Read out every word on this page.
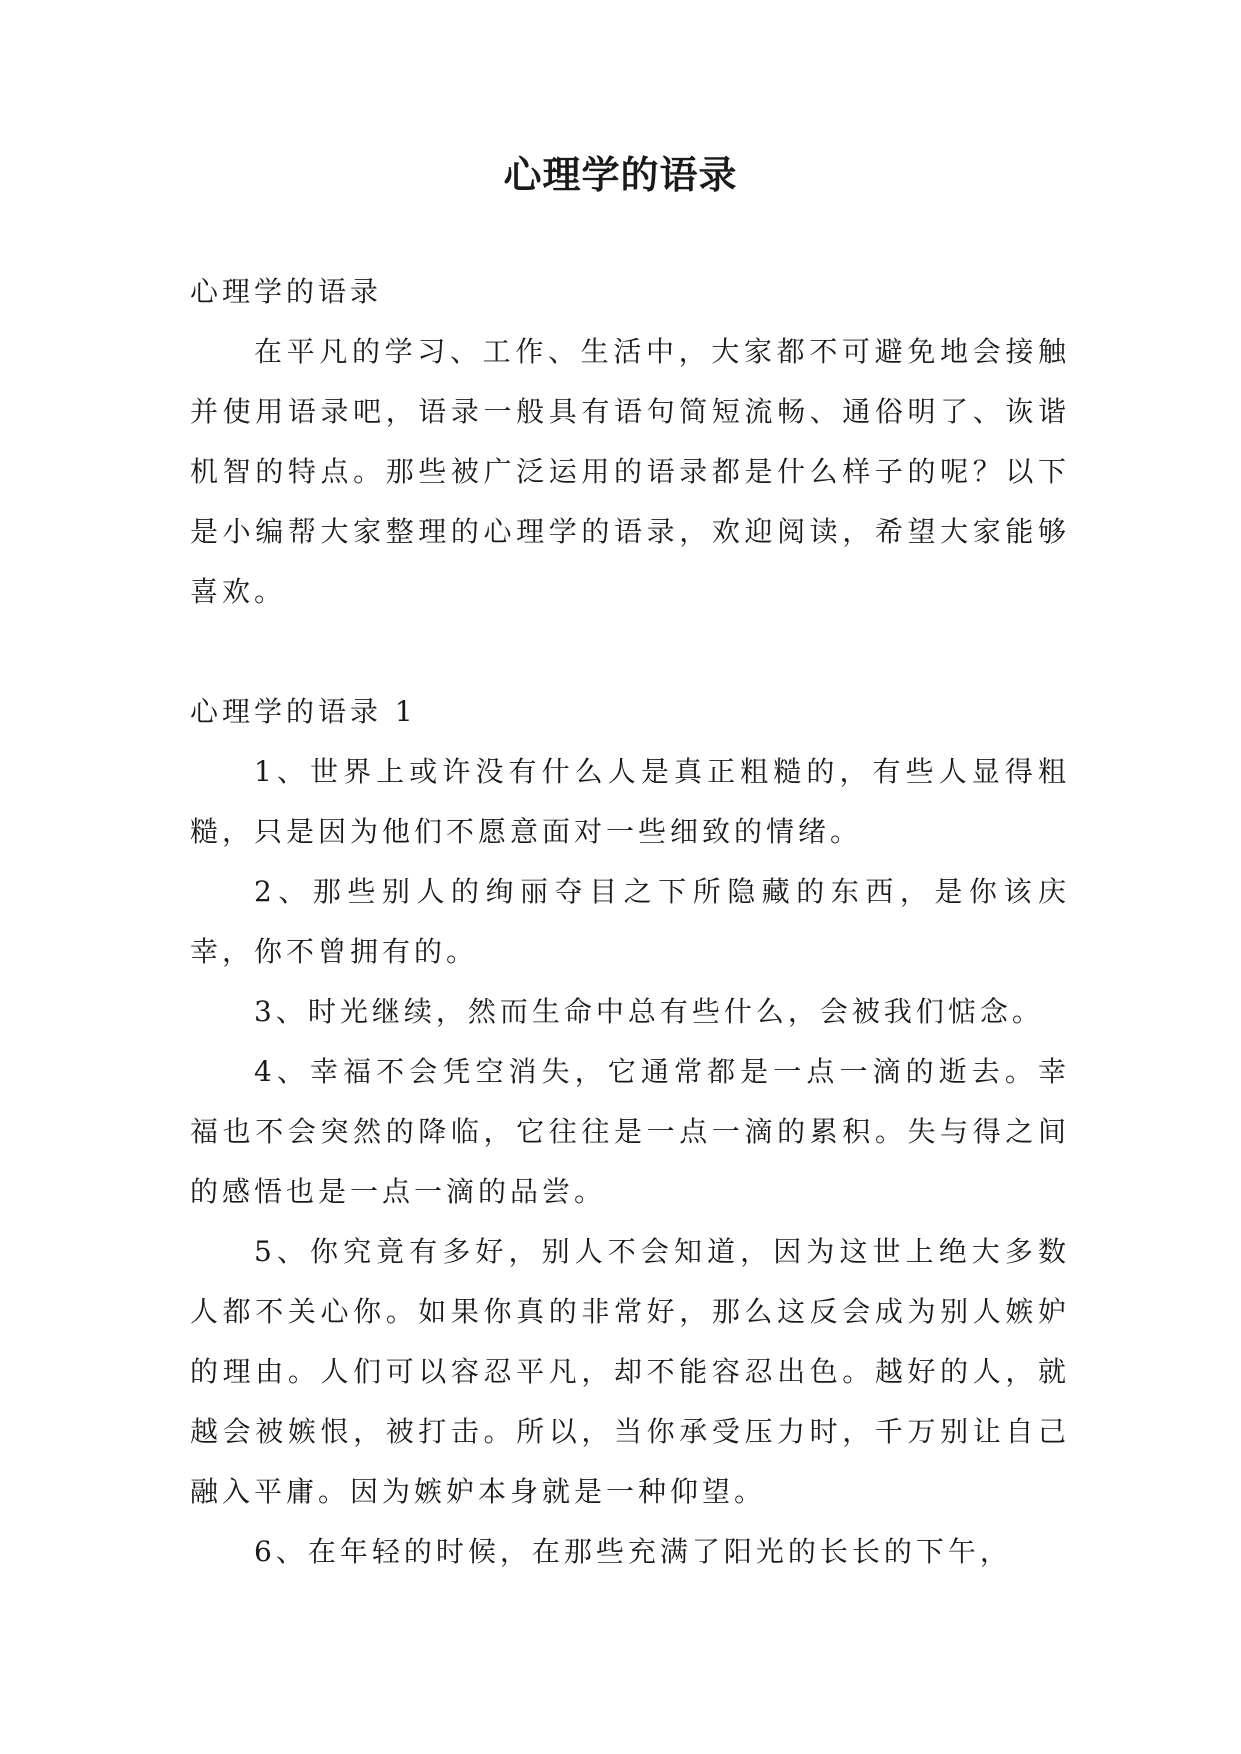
心理学的语录

心理学的语录

在平凡的学习、工作、生活中，大家都不可避免地会接触并使用语录吧，语录一般具有语句简短流畅、通俗明了、诙谐机智的特点。那些被广泛运用的语录都是什么样子的呢？以下是小编帮大家整理的心理学的语录，欢迎阅读，希望大家能够喜欢。

心理学的语录 1

1、世界上或许没有什么人是真正粗糙的，有些人显得粗糙，只是因为他们不愿意面对一些细致的情绪。

2、那些别人的绚丽夺目之下所隐藏的东西，是你该庆幸，你不曾拥有的。

3、时光继续，然而生命中总有些什么，会被我们惦念。

4、幸福不会凭空消失，它通常都是一点一滴的逝去。幸福也不会突然的降临，它往往是一点一滴的累积。失与得之间的感悟也是一点一滴的品尝。

5、你究竟有多好，别人不会知道，因为这世上绝大多数人都不关心你。如果你真的非常好，那么这反会成为别人嫉妒的理由。人们可以容忍平凡，却不能容忍出色。越好的人，就越会被嫉恨，被打击。所以，当你承受压力时，千万别让自己融入平庸。因为嫉妒本身就是一种仰望。

6、在年轻的时候，在那些充满了阳光的长长的下午，
